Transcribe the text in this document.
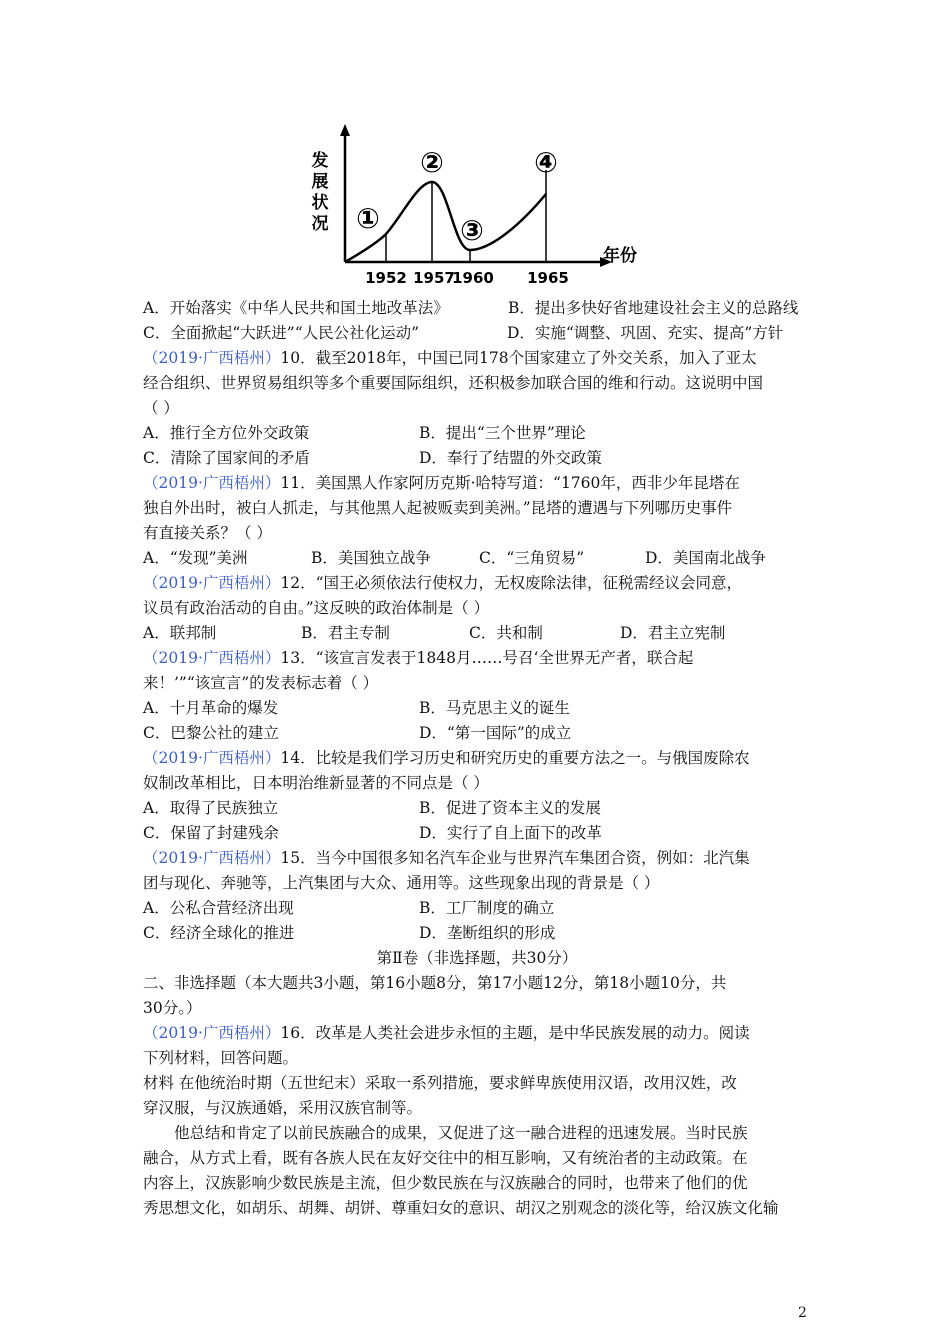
发
展
状
况
年份
①
②
③
④
1952 1957
1960 1965
A．开始落实《中华人民共和国土地改革法》	B．提出多快好省地建设社会主义的总路线
C．全面掀起“大跃进”“人民公社化运动”	D．实施“调整、巩固、充实、提高”方针
（2019·广西梧州）10．截至2018年，中国已同178个国家建立了外交关系，加入了亚太
经合组织、世界贸易组织等多个重要国际组织，还积极参加联合国的维和行动。这说明中国
（ ）
A．推行全方位外交政策	B．提出“三个世界”理论
C．清除了国家间的矛盾	D．奉行了结盟的外交政策
（2019·广西梧州）11．美国黑人作家阿历克斯·哈特写道：“1760年，西非少年昆塔在
独自外出时，被白人抓走，与其他黑人起被贩卖到美洲。”昆塔的遭遇与下列哪历史事件
有直接关系？（ ）
A．“发现”美洲	B．美国独立战争	C．“三角贸易”	D．美国南北战争
（2019·广西梧州）12．“国王必须依法行使权力，无权废除法律，征税需经议会同意，
议员有政治活动的自由。”这反映的政治体制是（ ）
A．联邦制	B．君主专制	C．共和制	D．君主立宪制
（2019·广西梧州）13．“该宣言发表于1848月……号召‘全世界无产者，联合起
来！’”“该宣言”的发表标志着（ ）
A．十月革命的爆发	B．马克思主义的诞生
C．巴黎公社的建立	D．“第一国际”的成立
（2019·广西梧州）14．比较是我们学习历史和研究历史的重要方法之一。与俄国废除农
奴制改革相比，日本明治维新显著的不同点是（ ）
A．取得了民族独立	B．促进了资本主义的发展
C．保留了封建残余	D．实行了自上面下的改革
（2019·广西梧州）15．当今中国很多知名汽车企业与世界汽车集团合资，例如：北汽集
团与现化、奔驰等，上汽集团与大众、通用等。这些现象出现的背景是（ ）
A．公私合营经济出现	B．工厂制度的确立
C．经济全球化的推进	D．垄断组织的形成
第Ⅱ卷（非选择题，共30分）
二、非选择题（本大题共3小题，第16小题8分，第17小题12分，第18小题10分，共
30分。）
（2019·广西梧州）16．改革是人类社会进步永恒的主题，是中华民族发展的动力。阅读
下列材料，回答问题。
材料 在他统治时期（五世纪末）采取一系列措施，要求鲜卑族使用汉语，改用汉姓，改
穿汉服，与汉族通婚，采用汉族官制等。
他总结和肯定了以前民族融合的成果，又促进了这一融合进程的迅速发展。当时民族
融合，从方式上看，既有各族人民在友好交往中的相互影响，又有统治者的主动政策。在
内容上，汉族影响少数民族是主流，但少数民族在与汉族融合的同时，也带来了他们的优
秀思想文化，如胡乐、胡舞、胡饼、尊重妇女的意识、胡汉之别观念的淡化等，给汉族文化输
2
